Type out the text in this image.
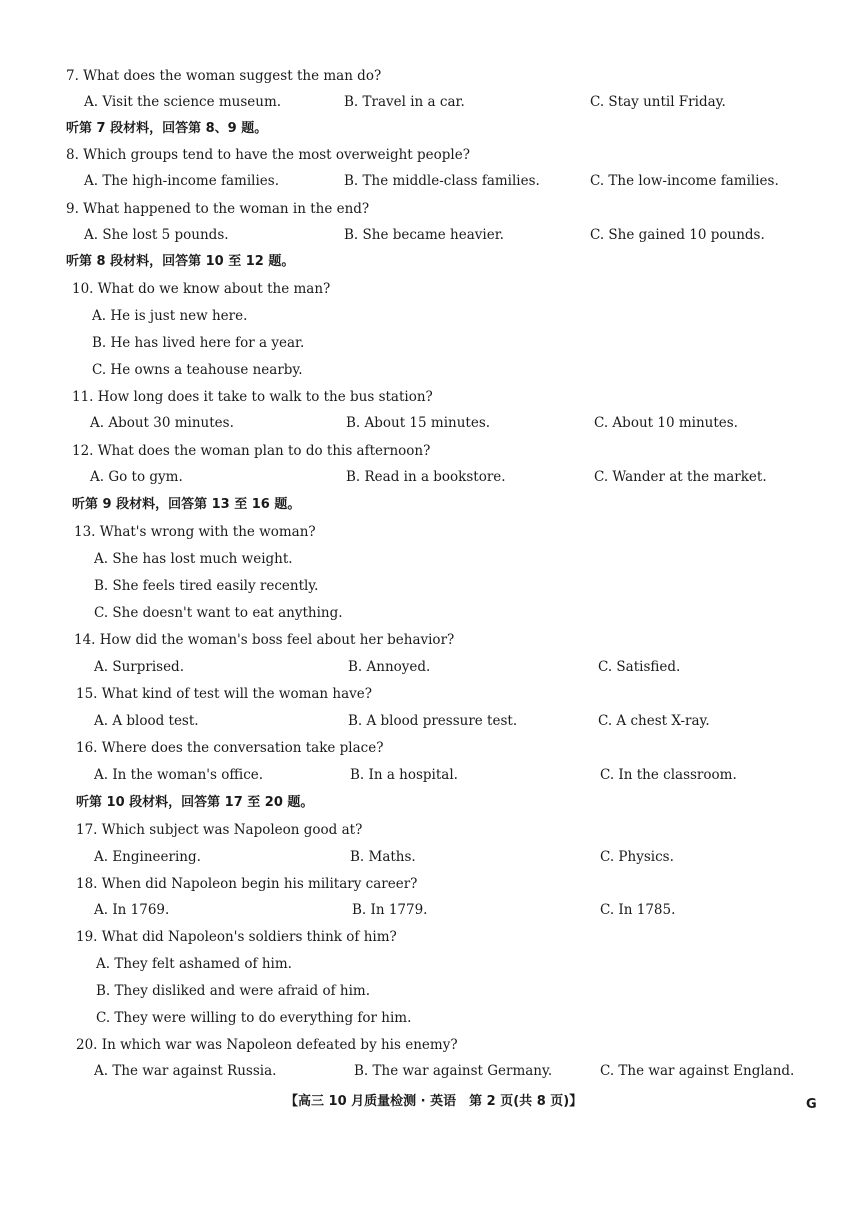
7. What does the woman suggest the man do?
A. Visit the science museum.	B. Travel in a car.	C. Stay until Friday.
听第 7 段材料，回答第 8、9 题。
8. Which groups tend to have the most overweight people?
A. The high-income families.	B. The middle-class families.	C. The low-income families.
9. What happened to the woman in the end?
A. She lost 5 pounds.	B. She became heavier.	C. She gained 10 pounds.
听第 8 段材料，回答第 10 至 12 题。
10. What do we know about the man?
A. He is just new here.
B. He has lived here for a year.
C. He owns a teahouse nearby.
11. How long does it take to walk to the bus station?
A. About 30 minutes.	B. About 15 minutes.	C. About 10 minutes.
12. What does the woman plan to do this afternoon?
A. Go to gym.	B. Read in a bookstore.	C. Wander at the market.
听第 9 段材料，回答第 13 至 16 题。
13. What's wrong with the woman?
A. She has lost much weight.
B. She feels tired easily recently.
C. She doesn't want to eat anything.
14. How did the woman's boss feel about her behavior?
A. Surprised.	B. Annoyed.	C. Satisfied.
15. What kind of test will the woman have?
A. A blood test.	B. A blood pressure test.	C. A chest X-ray.
16. Where does the conversation take place?
A. In the woman's office.	B. In a hospital.	C. In the classroom.
听第 10 段材料，回答第 17 至 20 题。
17. Which subject was Napoleon good at?
A. Engineering.	B. Maths.	C. Physics.
18. When did Napoleon begin his military career?
A. In 1769.	B. In 1779.	C. In 1785.
19. What did Napoleon's soldiers think of him?
A. They felt ashamed of him.
B. They disliked and were afraid of him.
C. They were willing to do everything for him.
20. In which war was Napoleon defeated by his enemy?
A. The war against Russia.	B. The war against Germany.	C. The war against England.
【高三 10 月质量检测 · 英语　第 2 页(共 8 页)】	G
